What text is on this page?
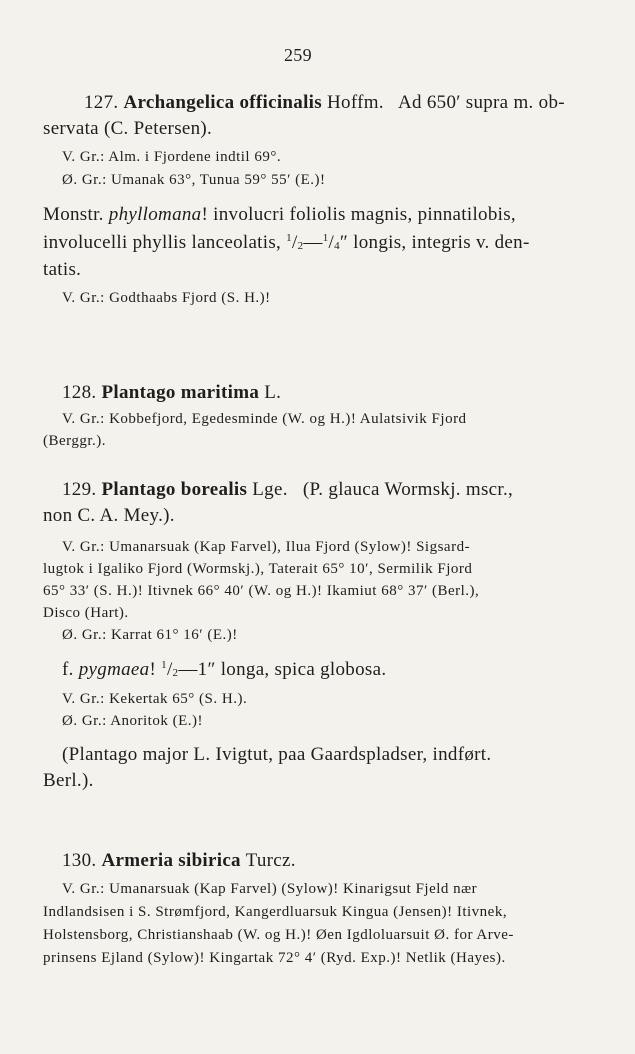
259
127. Archangelica officinalis Hoffm. Ad 650′ supra m. ob-
servata (C. Petersen).
V. Gr.: Alm. i Fjordene indtil 69°.
Ø. Gr.: Umanak 63°, Tunua 59° 55′ (E.)!
Monstr. phyllomana! involucri foliolis magnis, pinnatilobis,
involucelli phyllis lanceolatis, $^1/_2—^1/_4''$ longis, integris v. den-
tatis.
V. Gr.: Godthaabs Fjord (S. H.)!
128. Plantago maritima L.
V. Gr.: Kobbefjord, Egedesminde (W. og H.)! Aulatsivik Fjord
(Berggr.).
129. Plantago borealis Lge. (P. glauca Wormskj. mscr.,
non C. A. Mey.).
V. Gr.: Umanarsuak (Kap Farvel), Ilua Fjord (Sylow)! Sigsard-
lugtok i Igaliko Fjord (Wormskj.), Taterait 65° 10′, Sermilik Fjord
65° 33′ (S. H.)! Itivnek 66° 40′ (W. og H.)! Ikamiut 68° 37′ (Berl.),
Disco (Hart).
Ø. Gr.: Karrat 61° 16′ (E.)!
f. pygmaea! $^1/_2—1''$ longa, spica globosa.
V. Gr.: Kekertak 65° (S. H.).
Ø. Gr.: Anoritok (E.)!
(Plantago major L. Ivigtut, paa Gaardspladser, indført.
Berl.).
130. Armeria sibirica Turcz.
V. Gr.: Umanarsuak (Kap Farvel) (Sylow)! Kinarigsut Fjeld nær
Indlandsisen i S. Strømfjord, Kangerdluarsuk Kingua (Jensen)! Itivnek,
Holstensborg, Christianshaab (W. og H.)! Øen Igdloluarsuit Ø. for Arve-
prinsens Ejland (Sylow)! Kingartak 72° 4′ (Ryd. Exp.)! Netlik (Hayes).
